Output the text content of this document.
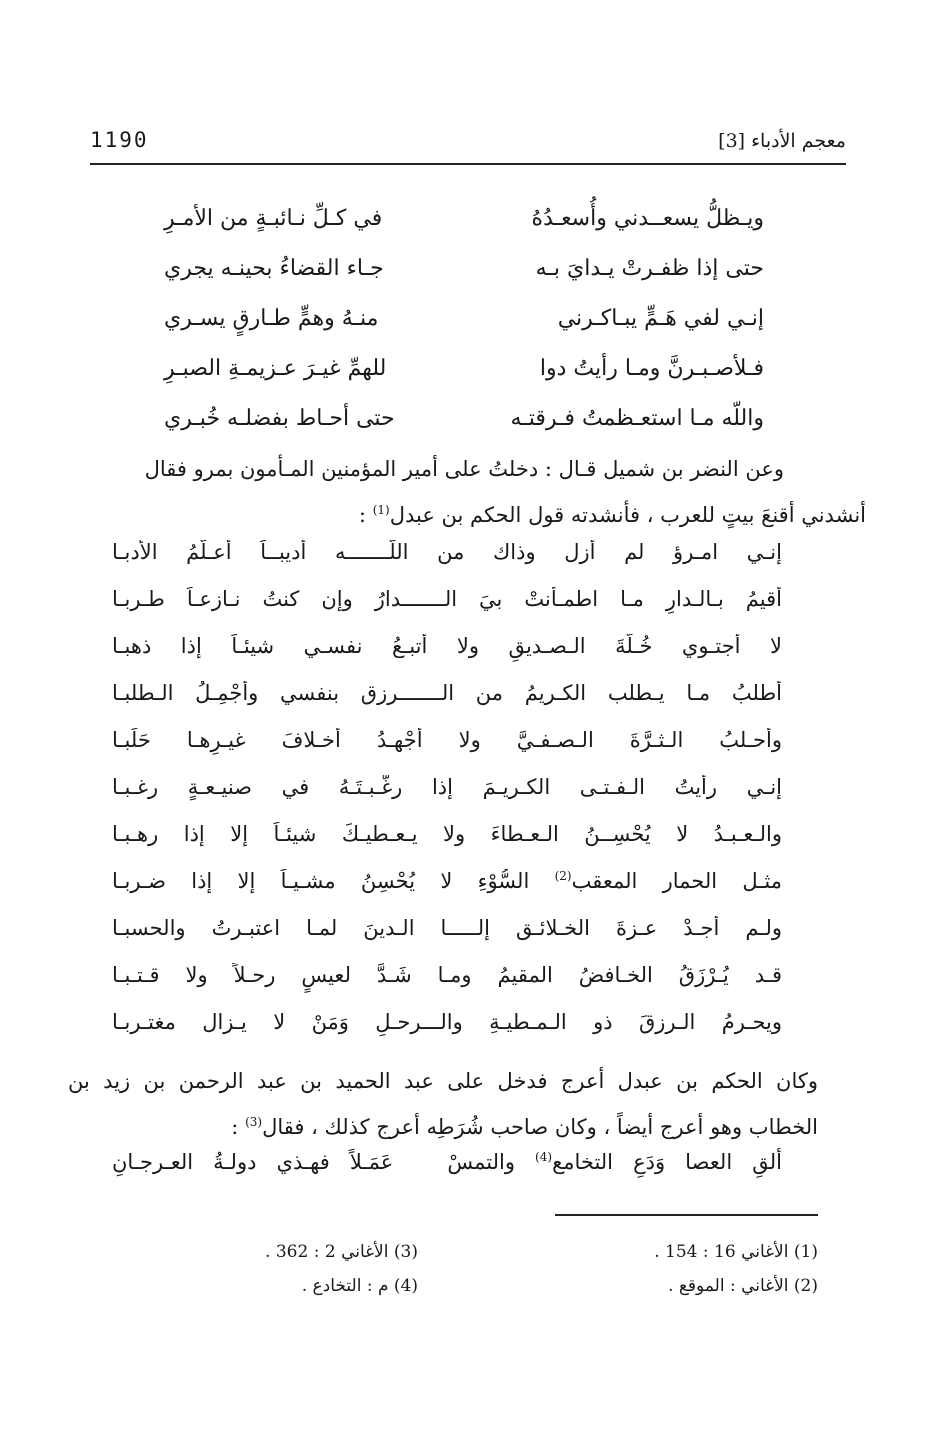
معجم الأدباء [3]
1190
ويـظلُّ يسعــدني وأُسعـدُهُ
في كـلِّ نـائبـةٍ من الأمـرِ
حتى إذا ظفـرتْ يـدايَ بـه
جـاء القضاءُ بحينـه يجري
إنـي لفي هَـمٍّ يبـاكـرني
منـهُ وهمٍّ طـارقٍ يسـري
فـلأصـبـرنَّ ومـا رأيتُ دوا
للهمِّ غيـرَ عـزيمـةِ الصبـرِ
واللّه مـا استعـظمتُ فـرقتـه
حتى أحـاط بفضلـه خُبـري
وعن النضر بن شميل قـال : دخلتُ على أمير المؤمنين المـأمون بمرو فقال
أنشدني أقنعَ بيتٍ للعرب ، فأنشدته قول الحكم بن عبدل$^{(1)}$ :
إنـي امـرؤ لم أزل وذاك من اللّـــــــه أديبــاً أعـلّمُ الأدبـا
أقيمُ بـالـدارِ مـا اطمـأنتْ بيَ الـــــــدارُ وإن كنتُ نـازعـاً طـربـا
لا أجتـوي خُـلّةَ الـصـديقِ ولا أتبـعُ نفسـي شيئـاً إذا ذهبـا
أطلبُ مـا يـطلب الكـريمُ من الـــــــرزق بنفسي وأُجْمِـلُ الـطلبـا
وأحـلبُ الـثـرَّةَ الـصـفـيَّ ولا أجْهـدُ أخـلافَ غيـرِهـا حَلَبـا
إنـي رأيتُ الـفـتـى الكـريـمَ إذا رغّـبـتَـهُ في صنيـعـةٍ رغـبـا
والـعـبـدُ لا يُحْسِــنُ الـعـطاءَ ولا يـعـطيـكَ شيئـاً إلا إذا رهـبـا
مثـل الحمار المعقب$^{(2)}$ السُّوْءِ لا يُحْسِنُ مشـيـاً إلا إذا ضـربـا
ولـم أجـدْ عـزةَ الخـلائـق إلـــــا الـدينَ لمـا اعتبـرتُ والحسبـا
قـد يُـرْزَقُ الخـافضُ المقيمُ ومـا شَـدَّ لعيسٍ رحـلاً ولا قـتـبـا
ويحـرمُ الـرزقَ ذو الـمـطيـةِ والـــرحـلِ وَمَنْ لا يـزال مغتـربـا
وكان الحكم بن عبدل أعرج فدخل على عبد الحميد بن عبد الرحمن بن زيد بن
الخطاب وهو أعرج أيضاً ، وكان صاحب شُرَطِه أعرج كذلك ، فقال$^{(3)}$ :
ألقِ العصا وَدَعِ التخامع$^{(4)}$ والتمسْ عَمَـلاً فهـذي دولـةُ العـرجـانِ
(1) الأغاني 16 : 154 .
(2) الأغاني : الموقع .
(3) الأغاني 2 : 362 .
(4) م : التخادع .
